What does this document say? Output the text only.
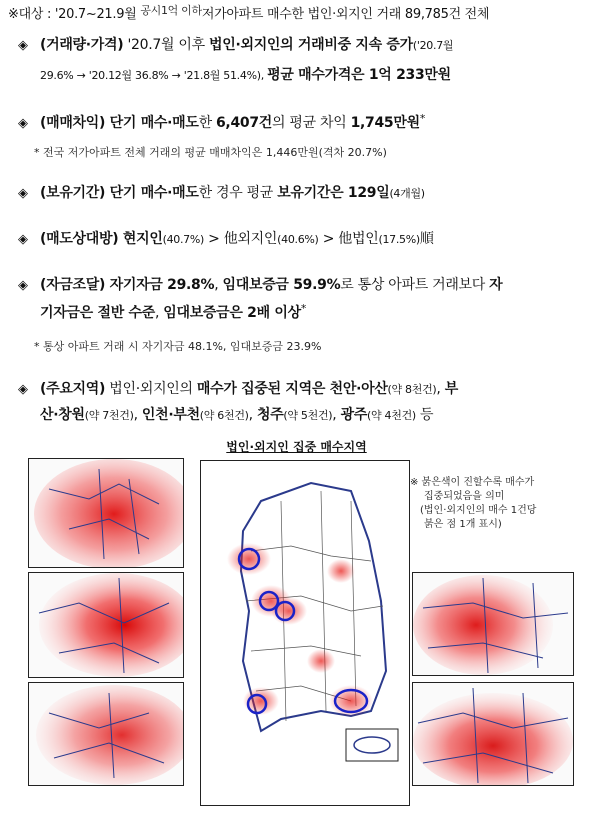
※대상 : '20.7~21.9월 $^{공시1억 이하}$저가아파트 매수한 법인·외지인 거래 89,785건 전체
◈ (거래량·가격) '20.7월 이후 법인·외지인의 거래비중 지속 증가('20.7월
29.6% → '20.12월 36.8% → '21.8월 51.4%), 평균 매수가격은 1억 233만원
◈ (매매차익) 단기 매수·매도한 6,407건의 평균 차익 1,745만원*
* 전국 저가아파트 전체 거래의 평균 매매차익은 1,446만원(격차 20.7%)
◈ (보유기간) 단기 매수·매도한 경우 평균 보유기간은 129일(4개월)
◈ (매도상대방) 현지인(40.7%) > 他외지인(40.6%) > 他법인(17.5%)順
◈ (자금조달) 자기자금 29.8%, 임대보증금 59.9%로 통상 아파트 거래보다 자
기자금은 절반 수준, 임대보증금은 2배 이상*
* 통상 아파트 거래 시 자기자금 48.1%, 임대보증금 23.9%
◈ (주요지역) 법인·외지인의 매수가 집중된 지역은 천안·아산(약 8천건), 부
산·창원(약 7천건), 인천·부천(약 6천건), 청주(약 5천건), 광주(약 4천건) 등
법인·외지인 집중 매수지역
※ 붉은색이 진할수록 매수가
집중되었음을 의미
(법인·외지인의 매수 1건당
붉은 점 1개 표시)
